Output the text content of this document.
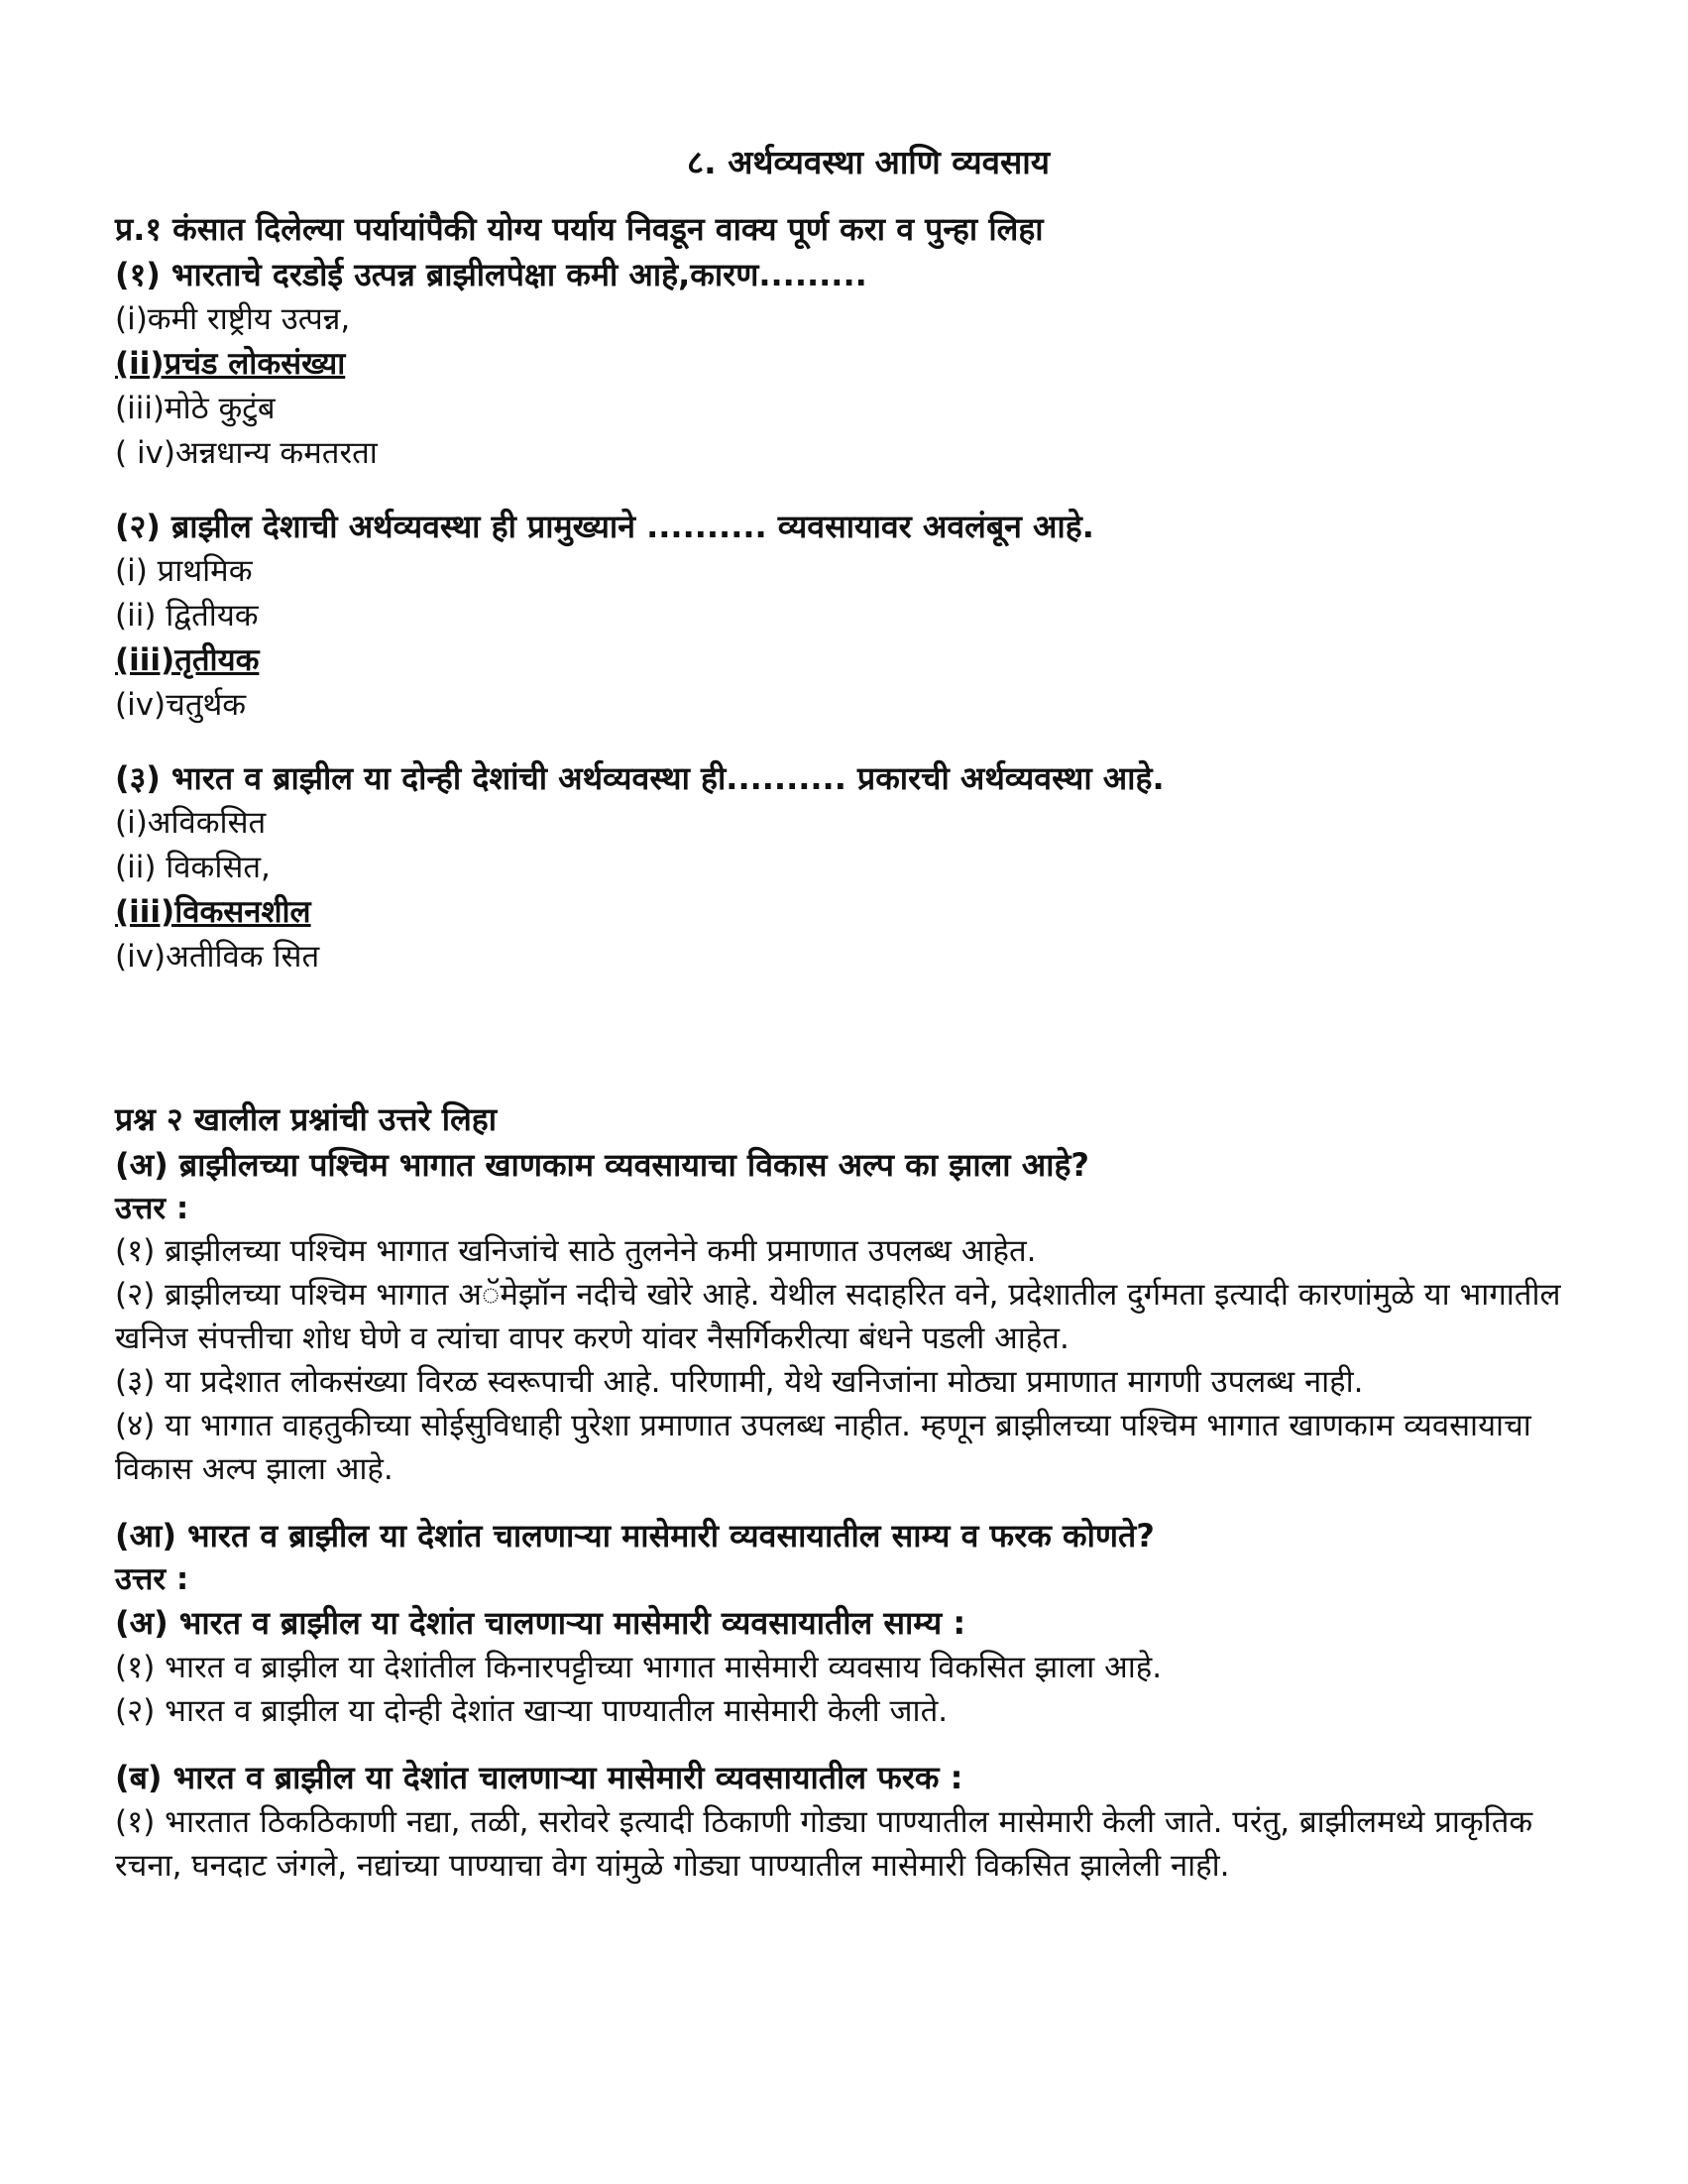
८. अर्थव्यवस्था आणि व्यवसाय
प्र.१ कंसात दिलेल्या पर्यायांपैकी योग्य पर्याय निवडून वाक्य पूर्ण करा व पुन्हा लिहा
(१) भारताचे दरडोई उत्पन्न ब्राझीलपेक्षा कमी आहे,कारण.........
(i)कमी राष्ट्रीय उत्पन्न,
(ii)प्रचंड लोकसंख्या
(iii)मोठे कुटुंब
( iv)अन्नधान्य कमतरता
(२) ब्राझील देशाची अर्थव्यवस्था ही प्रामुख्याने .......... व्यवसायावर अवलंबून आहे.
(i) प्राथमिक
(ii) द्वितीयक
(iii)तृतीयक
(iv)चतुर्थक
(३) भारत व ब्राझील या दोन्ही देशांची अर्थव्यवस्था ही.......... प्रकारची अर्थव्यवस्था आहे.
(i)अविकसित
(ii) विकसित,
(iii)विकसनशील
(iv)अतीविक सित
प्रश्न २ खालील प्रश्नांची उत्तरे लिहा
(अ) ब्राझीलच्या पश्चिम भागात खाणकाम व्यवसायाचा विकास अल्प का झाला आहे?
उत्तर :
(१) ब्राझीलच्या पश्चिम भागात खनिजांचे साठे तुलनेने कमी प्रमाणात उपलब्ध आहेत.
(२) ब्राझीलच्या पश्चिम भागात अॅमेझॉन नदीचे खोरे आहे. येथील सदाहरित वने, प्रदेशातील दुर्गमता इत्यादी कारणांमुळे या भागातील खनिज संपत्तीचा शोध घेणे व त्यांचा वापर करणे यांवर नैसर्गिकरीत्या बंधने पडली आहेत.
(३) या प्रदेशात लोकसंख्या विरळ स्वरूपाची आहे. परिणामी, येथे खनिजांना मोठ्या प्रमाणात मागणी उपलब्ध नाही.
(४) या भागात वाहतुकीच्या सोईसुविधाही पुरेशा प्रमाणात उपलब्ध नाहीत. म्हणून ब्राझीलच्या पश्चिम भागात खाणकाम व्यवसायाचा विकास अल्प झाला आहे.
(आ) भारत व ब्राझील या देशांत चालणाऱ्या मासेमारी व्यवसायातील साम्य व फरक कोणते?
उत्तर :
(अ) भारत व ब्राझील या देशांत चालणाऱ्या मासेमारी व्यवसायातील साम्य :
(१) भारत व ब्राझील या देशांतील किनारपट्टीच्या भागात मासेमारी व्यवसाय विकसित झाला आहे.
(२) भारत व ब्राझील या दोन्ही देशांत खाऱ्या पाण्यातील मासेमारी केली जाते.
(ब) भारत व ब्राझील या देशांत चालणाऱ्या मासेमारी व्यवसायातील फरक :
(१) भारतात ठिकठिकाणी नद्या, तळी, सरोवरे इत्यादी ठिकाणी गोड्या पाण्यातील मासेमारी केली जाते. परंतु, ब्राझीलमध्ये प्राकृतिक रचना, घनदाट जंगले, नद्यांच्या पाण्याचा वेग यांमुळे गोड्या पाण्यातील मासेमारी विकसित झालेली नाही.
